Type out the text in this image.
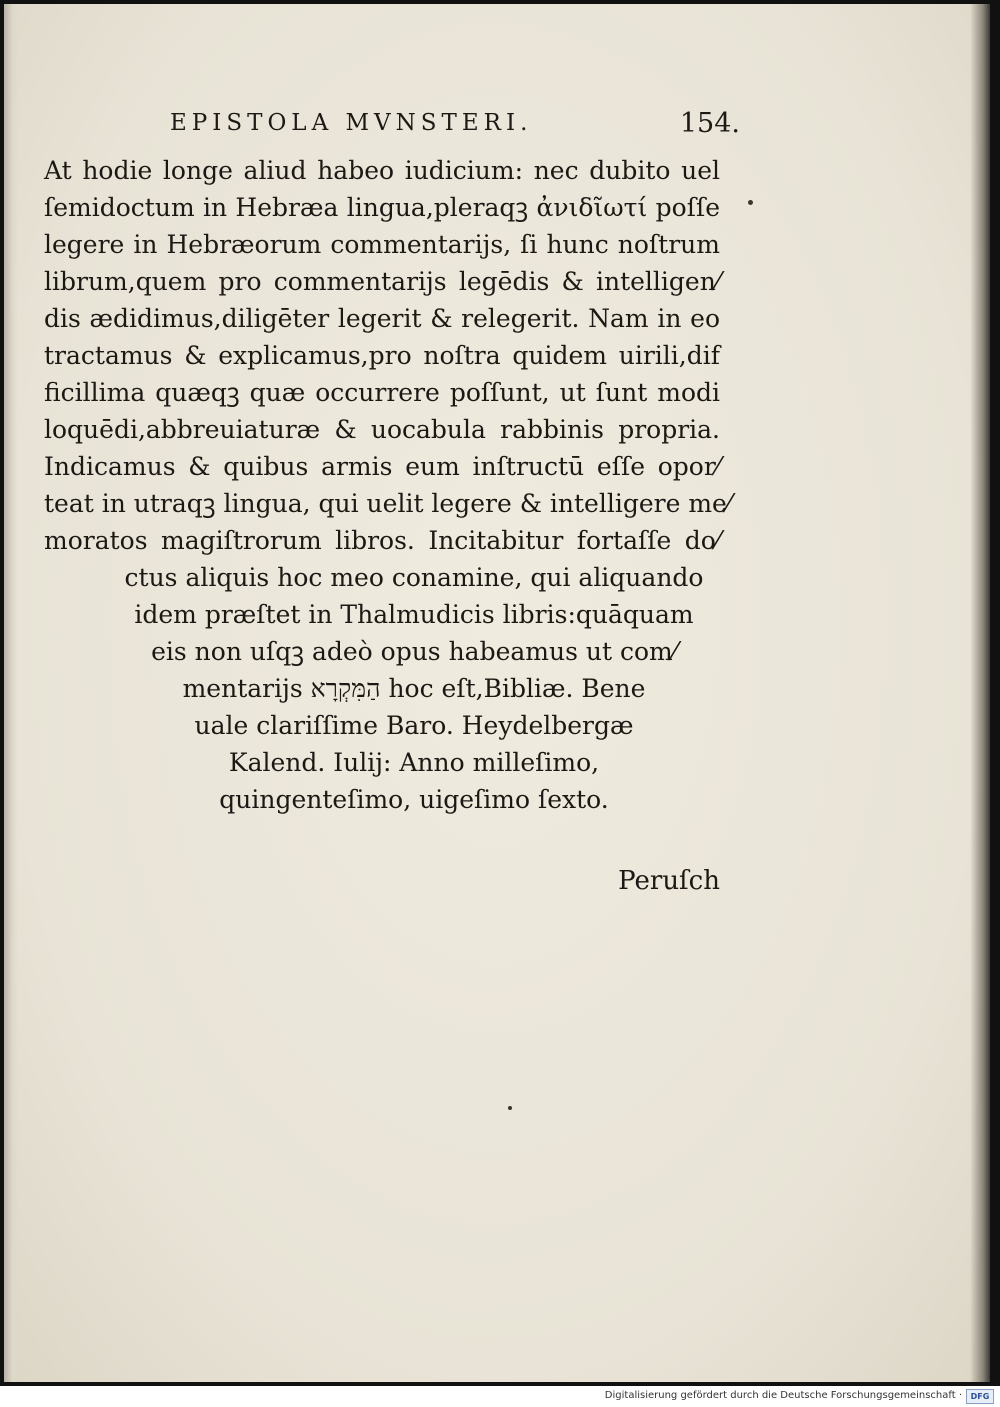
EPISTOLA MVNSTERI.	154.
At hodie longe aliud habeo iudicium: nec dubito uel
ſemidoctum in Hebræa lingua,pleraqꝫ ἀνιδῖωτί poſſe
legere in Hebræorum commentarijs, ſi hunc noſtrum
librum,quem pro commentarijs legēdis & intelligen⁄
dis ædidimus,diligēter legerit & relegerit. Nam in eo
tractamus & explicamus,pro noſtra quidem uirili,dif
ficillima quæqꝫ quæ occurrere poſſunt, ut ſunt modi
loquēdi,abbreuiaturæ & uocabula rabbinis propria.
Indicamus & quibus armis eum inſtructū eſſe opor⁄
teat in utraqꝫ lingua, qui uelit legere & intelligere me⁄
moratos magiſtrorum libros. Incitabitur fortaſſe do⁄
ctus aliquis hoc meo conamine, qui aliquando
idem præſtet in Thalmudicis libris:quāquam
eis non uſqꝫ adeò opus habeamus ut com⁄
mentarijs הַמִּקְרָא hoc eſt,Bibliæ. Bene
uale clariſſime Baro. Heydelbergæ
Kalend. Iulij: Anno milleſimo,
quingenteſimo, uigeſimo ſexto.
Peruſch
Digitalisierung gefördert durch die Deutsche Forschungsgemeinschaft ·	DFG
